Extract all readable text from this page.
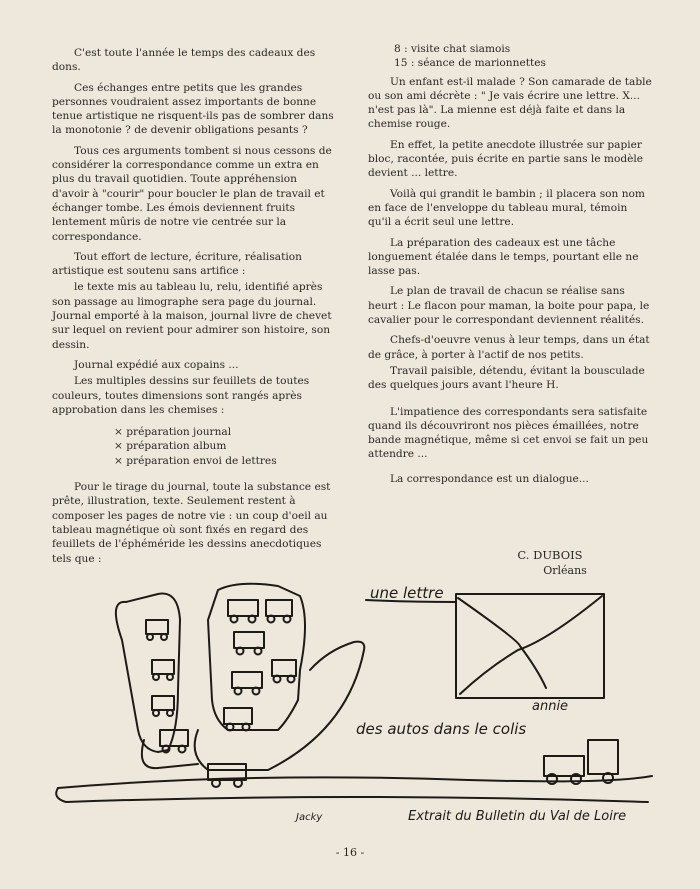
C'est toute l'année le temps des cadeaux des dons.

Ces échanges entre petits que les grandes personnes voudraient assez importants de bonne tenue artistique ne risquent-ils pas de sombrer dans la monotonie ? de devenir obligations pesants ?

Tous ces arguments tombent si nous cessons de considérer la correspondance comme un extra en plus du travail quotidien. Toute appréhension d'avoir à "courir" pour boucler le plan de travail et échanger tombe. Les émois deviennent fruits lentement mûris de notre vie centrée sur la correspondance.

Tout effort de lecture, écriture, réalisation artistique est soutenu sans artifice :

le texte mis au tableau lu, relu, identifié après son passage au limographe sera page du journal. Journal emporté à la maison, journal livre de chevet sur lequel on revient pour admirer son histoire, son dessin.

Journal expédié aux copains ...

Les multiples dessins sur feuillets de toutes couleurs, toutes dimensions sont rangés après approbation dans les chemises :

× préparation journal
× préparation album
× préparation envoi de lettres

Pour le tirage du journal, toute la substance est prête, illustration, texte. Seulement restent à composer les pages de notre vie : un coup d'oeil au tableau magnétique où sont fixés en regard des feuillets de l'éphéméride les dessins anecdotiques tels que :

8 : visite chat siamois

15 : séance de marionnettes

Un enfant est-il malade ? Son camarade de table ou son ami décrète : " Je vais écrire une lettre. X... n'est pas là". La mienne est déjà faite et dans la chemise rouge.

En effet, la petite anecdote illustrée sur papier bloc, racontée, puis écrite en partie sans le modèle devient ... lettre.

Voilà qui grandit le bambin ; il placera son nom en face de l'enveloppe du tableau mural, témoin qu'il a écrit seul une lettre.

La préparation des cadeaux est une tâche longuement étalée dans le temps, pourtant elle ne lasse pas.

Le plan de travail de chacun se réalise sans heurt : Le flacon pour maman, la boite pour papa, le cavalier pour le correspondant deviennent réalités.

Chefs-d'oeuvre venus à leur temps, dans un état de grâce, à porter à l'actif de nos petits.

Travail paisible, détendu, évitant la bousculade des quelques jours avant l'heure H.

L'impatience des correspondants sera satisfaite quand ils découvriront nos pièces émaillées, notre bande magnétique, même si cet envoi se fait un peu attendre ...

La correspondance est un dialogue...

C. DUBOIS
Orléans
une lettre
annie
des autos dans le colis
Jacky	Extrait du Bulletin du Val de Loire
- 16 -
